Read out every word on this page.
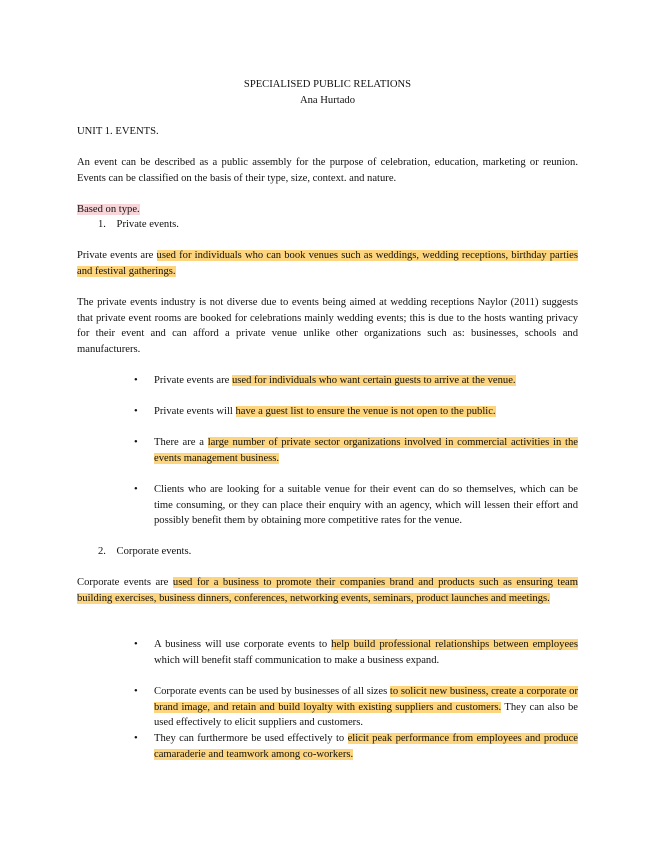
SPECIALISED PUBLIC RELATIONS
Ana Hurtado
UNIT 1. EVENTS.

An event can be described as a public assembly for the purpose of celebration, education, marketing or reunion. Events can be classified on the basis of their type, size, context. and nature.

Based on type.
1. Private events.

Private events are used for individuals who can book venues such as weddings, wedding receptions, birthday parties and festival gatherings.

The private events industry is not diverse due to events being aimed at wedding receptions Naylor (2011) suggests that private event rooms are booked for celebrations mainly wedding events; this is due to the hosts wanting privacy for their event and can afford a private venue unlike other organizations such as: businesses, schools and manufacturers.

• Private events are used for individuals who want certain guests to arrive at the venue.

• Private events will have a guest list to ensure the venue is not open to the public.

• There are a large number of private sector organizations involved in commercial activities in the events management business.

• Clients who are looking for a suitable venue for their event can do so themselves, which can be time consuming, or they can place their enquiry with an agency, which will lessen their effort and possibly benefit them by obtaining more competitive rates for the venue.

2. Corporate events.

Corporate events are used for a business to promote their companies brand and products such as ensuring team building exercises, business dinners, conferences, networking events, seminars, product launches and meetings.

• A business will use corporate events to help build professional relationships between employees which will benefit staff communication to make a business expand.

• Corporate events can be used by businesses of all sizes to solicit new business, create a corporate or brand image, and retain and build loyalty with existing suppliers and customers. They can also be used effectively to elicit suppliers and customers.

• They can furthermore be used effectively to elicit peak performance from employees and produce camaraderie and teamwork among co-workers.
